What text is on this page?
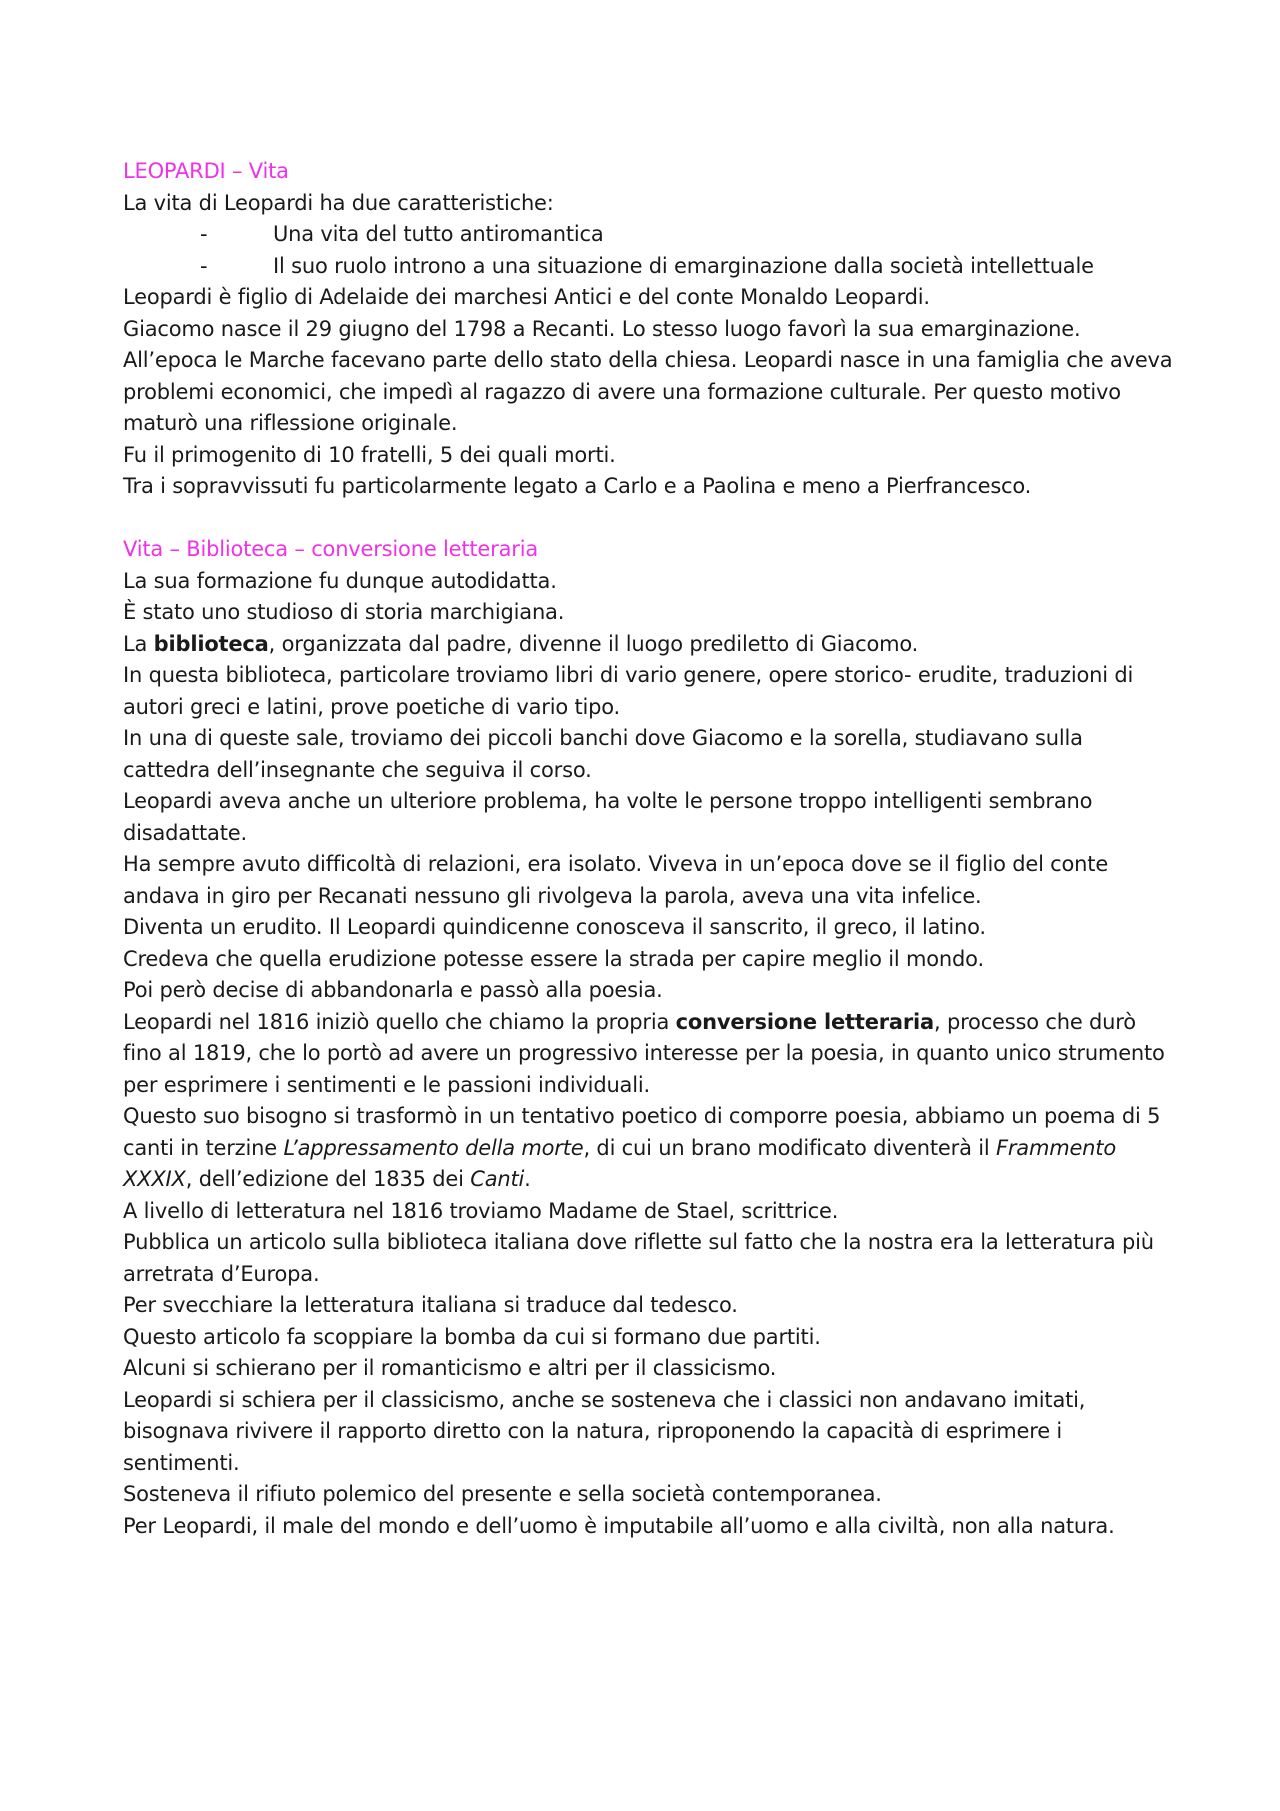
LEOPARDI – Vita

La vita di Leopardi ha due caratteristiche:

-	Una vita del tutto antiromantica

-	Il suo ruolo introno a una situazione di emarginazione dalla società intellettuale

Leopardi è figlio di Adelaide dei marchesi Antici e del conte Monaldo Leopardi.

Giacomo nasce il 29 giugno del 1798 a Recanti. Lo stesso luogo favorì la sua emarginazione.

All’epoca le Marche facevano parte dello stato della chiesa. Leopardi nasce in una famiglia che aveva problemi economici, che impedì al ragazzo di avere una formazione culturale. Per questo motivo maturò una riflessione originale.

Fu il primogenito di 10 fratelli, 5 dei quali morti.

Tra i sopravvissuti fu particolarmente legato a Carlo e a Paolina e meno a Pierfrancesco.

Vita – Biblioteca – conversione letteraria

La sua formazione fu dunque autodidatta.

È stato uno studioso di storia marchigiana.

La biblioteca, organizzata dal padre, divenne il luogo prediletto di Giacomo.

In questa biblioteca, particolare troviamo libri di vario genere, opere storico- erudite, traduzioni di autori greci e latini, prove poetiche di vario tipo.

In una di queste sale, troviamo dei piccoli banchi dove Giacomo e la sorella, studiavano sulla cattedra dell’insegnante che seguiva il corso.

Leopardi aveva anche un ulteriore problema, ha volte le persone troppo intelligenti sembrano disadattate.

Ha sempre avuto difficoltà di relazioni, era isolato. Viveva in un’epoca dove se il figlio del conte andava in giro per Recanati nessuno gli rivolgeva la parola, aveva una vita infelice.

Diventa un erudito. Il Leopardi quindicenne conosceva il sanscrito, il greco, il latino.

Credeva che quella erudizione potesse essere la strada per capire meglio il mondo.

Poi però decise di abbandonarla e passò alla poesia.

Leopardi nel 1816 iniziò quello che chiamo la propria conversione letteraria, processo che durò fino al 1819, che lo portò ad avere un progressivo interesse per la poesia, in quanto unico strumento per esprimere i sentimenti e le passioni individuali.

Questo suo bisogno si trasformò in un tentativo poetico di comporre poesia, abbiamo un poema di 5 canti in terzine L’appressamento della morte, di cui un brano modificato diventerà il Frammento XXXIX, dell’edizione del 1835 dei Canti.

A livello di letteratura nel 1816 troviamo Madame de Stael, scrittrice.

Pubblica un articolo sulla biblioteca italiana dove riflette sul fatto che la nostra era la letteratura più arretrata d’Europa.

Per svecchiare la letteratura italiana si traduce dal tedesco.

Questo articolo fa scoppiare la bomba da cui si formano due partiti.

Alcuni si schierano per il romanticismo e altri per il classicismo.

Leopardi si schiera per il classicismo, anche se sosteneva che i classici non andavano imitati, bisognava rivivere il rapporto diretto con la natura, riproponendo la capacità di esprimere i sentimenti.

Sosteneva il rifiuto polemico del presente e sella società contemporanea.

Per Leopardi, il male del mondo e dell’uomo è imputabile all’uomo e alla civiltà, non alla natura.
